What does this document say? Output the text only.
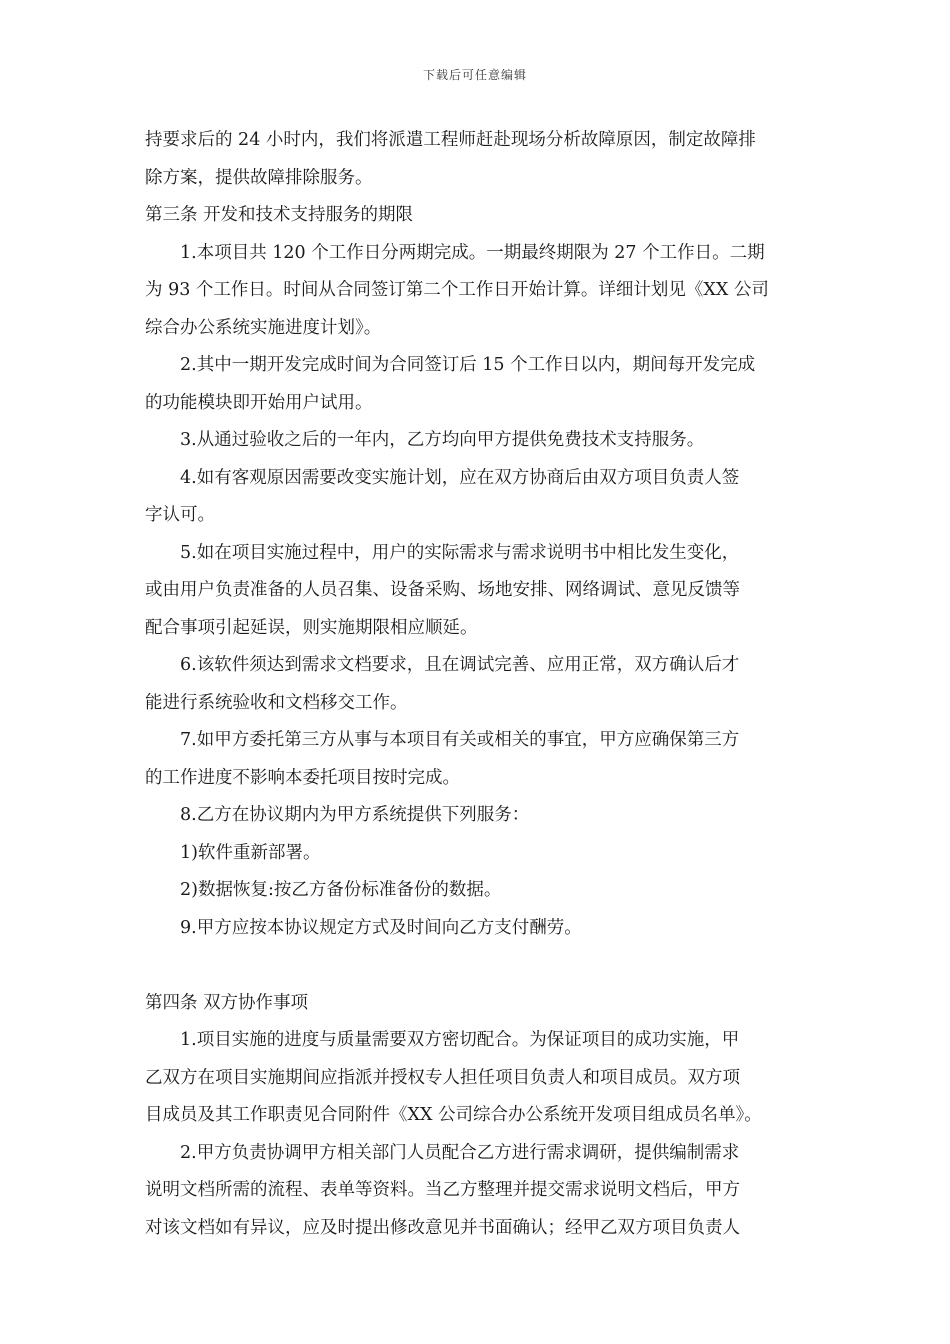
下载后可任意编辑
持要求后的 24 小时内，我们将派遣工程师赶赴现场分析故障原因，制定故障排
除方案，提供故障排除服务。
第三条 开发和技术支持服务的期限
1.本项目共 120 个工作日分两期完成。一期最终期限为 27 个工作日。二期
为 93 个工作日。时间从合同签订第二个工作日开始计算。详细计划见《XX 公司
综合办公系统实施进度计划》。
2.其中一期开发完成时间为合同签订后 15 个工作日以内，期间每开发完成
的功能模块即开始用户试用。
3.从通过验收之后的一年内，乙方均向甲方提供免费技术支持服务。
4.如有客观原因需要改变实施计划，应在双方协商后由双方项目负责人签
字认可。
5.如在项目实施过程中，用户的实际需求与需求说明书中相比发生变化，
或由用户负责准备的人员召集、设备采购、场地安排、网络调试、意见反馈等
配合事项引起延误，则实施期限相应顺延。
6.该软件须达到需求文档要求，且在调试完善、应用正常，双方确认后才
能进行系统验收和文档移交工作。
7.如甲方委托第三方从事与本项目有关或相关的事宜，甲方应确保第三方
的工作进度不影响本委托项目按时完成。
8.乙方在协议期内为甲方系统提供下列服务：
1)软件重新部署。
2)数据恢复:按乙方备份标准备份的数据。
9.甲方应按本协议规定方式及时间向乙方支付酬劳。
第四条 双方协作事项
1.项目实施的进度与质量需要双方密切配合。为保证项目的成功实施，甲
乙双方在项目实施期间应指派并授权专人担任项目负责人和项目成员。双方项
目成员及其工作职责见合同附件《XX 公司综合办公系统开发项目组成员名单》。
2.甲方负责协调甲方相关部门人员配合乙方进行需求调研，提供编制需求
说明文档所需的流程、表单等资料。当乙方整理并提交需求说明文档后，甲方
对该文档如有异议，应及时提出修改意见并书面确认；经甲乙双方项目负责人
